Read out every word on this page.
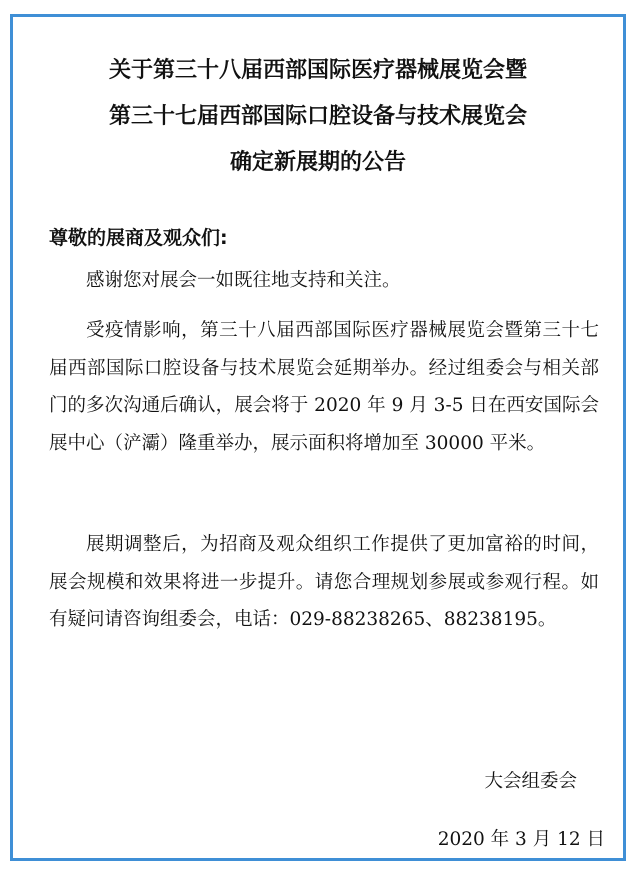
关于第三十八届西部国际医疗器械展览会暨
第三十七届西部国际口腔设备与技术展览会
确定新展期的公告
尊敬的展商及观众们:

感谢您对展会一如既往地支持和关注。

受疫情影响，第三十八届西部国际医疗器械展览会暨第三十七届西部国际口腔设备与技术展览会延期举办。经过组委会与相关部门的多次沟通后确认，展会将于 2020 年 9 月 3-5 日在西安国际会展中心（浐灞）隆重举办，展示面积将增加至 30000 平米。

展期调整后，为招商及观众组织工作提供了更加富裕的时间，展会规模和效果将进一步提升。请您合理规划参展或参观行程。如有疑问请咨询组委会，电话：029-88238265、88238195。

大会组委会
2020 年 3 月 12 日
